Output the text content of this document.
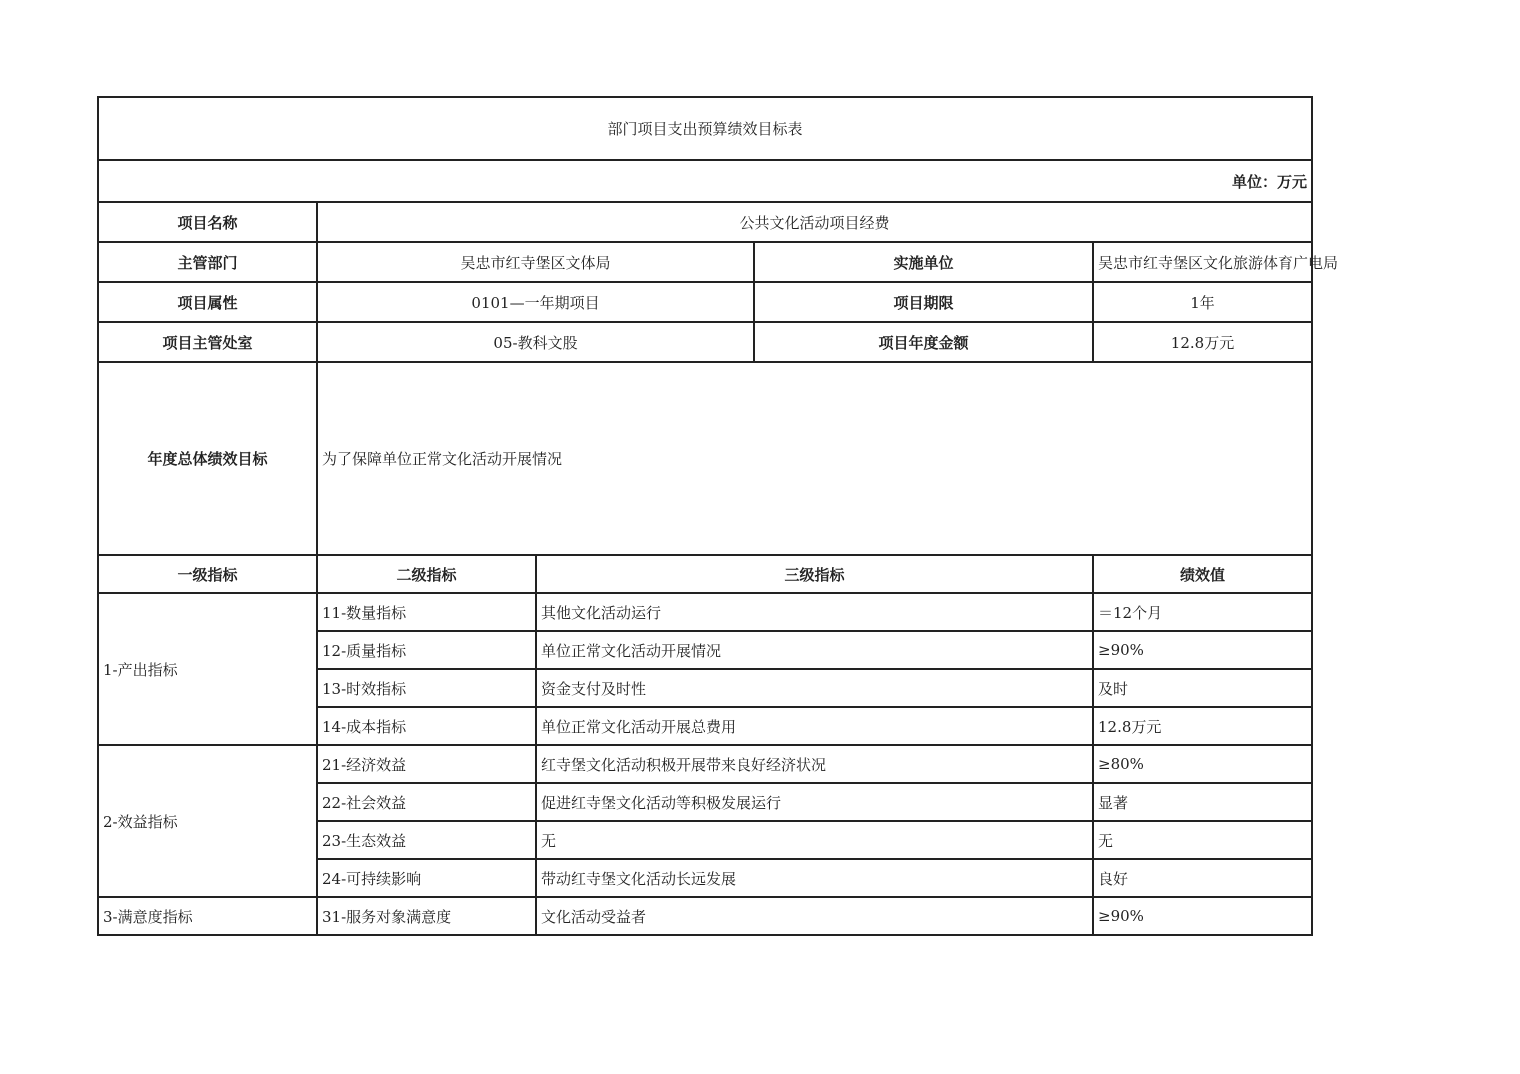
部门项目支出预算绩效目标表				
单位：万元				
项目名称	公共文化活动项目经费			
主管部门	吴忠市红寺堡区文体局		实施单位	吴忠市红寺堡区文化旅游体育广电局
项目属性	0101—一年期项目		项目期限	1年
项目主管处室	05-教科文股		项目年度金额	12.8万元
年度总体绩效目标	为了保障单位正常文化活动开展情况			
一级指标	二级指标	三级指标		绩效值
1-产出指标	11-数量指标	其他文化活动运行		＝12个月
	12-质量指标	单位正常文化活动开展情况		≥90%
	13-时效指标	资金支付及时性		及时
	14-成本指标	单位正常文化活动开展总费用		12.8万元
2-效益指标	21-经济效益	红寺堡文化活动积极开展带来良好经济状况		≥80%
	22-社会效益	促进红寺堡文化活动等积极发展运行		显著
	23-生态效益	无		无
	24-可持续影响	带动红寺堡文化活动长远发展		良好
3-满意度指标	31-服务对象满意度	文化活动受益者		≥90%
